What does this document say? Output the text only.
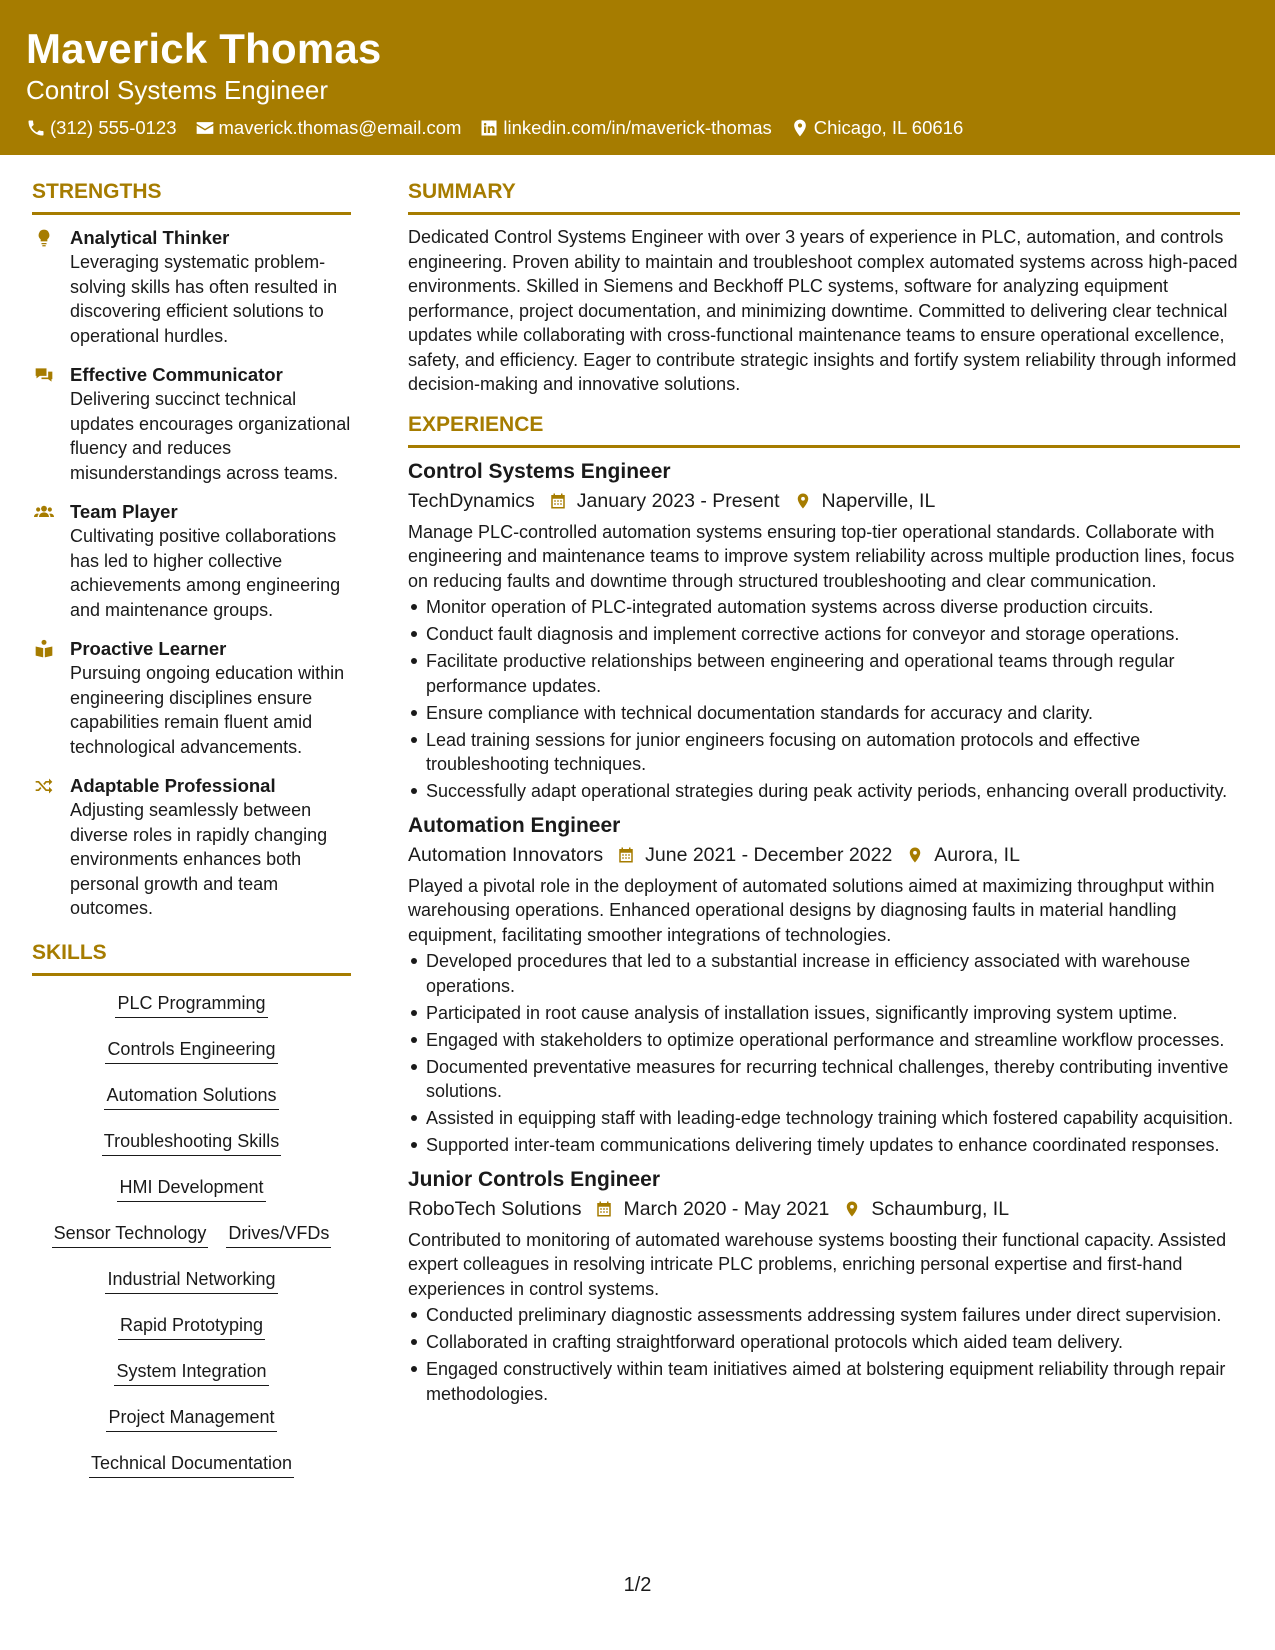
Maverick Thomas
Control Systems Engineer
(312) 555-0123 maverick.thomas@email.com linkedin.com/in/maverick-thomas Chicago, IL 60616
STRENGTHS
Analytical Thinker
Leveraging systematic problem-solving skills has often resulted in discovering efficient solutions to operational hurdles.
Effective Communicator
Delivering succinct technical updates encourages organizational fluency and reduces misunderstandings across teams.
Team Player
Cultivating positive collaborations has led to higher collective achievements among engineering and maintenance groups.
Proactive Learner
Pursuing ongoing education within engineering disciplines ensure capabilities remain fluent amid technological advancements.
Adaptable Professional
Adjusting seamlessly between diverse roles in rapidly changing environments enhances both personal growth and team outcomes.
SKILLS
PLC Programming
Controls Engineering
Automation Solutions
Troubleshooting Skills
HMI Development
Sensor Technology Drives/VFDs
Industrial Networking
Rapid Prototyping
System Integration
Project Management
Technical Documentation
SUMMARY
Dedicated Control Systems Engineer with over 3 years of experience in PLC, automation, and controls engineering. Proven ability to maintain and troubleshoot complex automated systems across high-paced environments. Skilled in Siemens and Beckhoff PLC systems, software for analyzing equipment performance, project documentation, and minimizing downtime. Committed to delivering clear technical updates while collaborating with cross-functional maintenance teams to ensure operational excellence, safety, and efficiency. Eager to contribute strategic insights and fortify system reliability through informed decision-making and innovative solutions.
EXPERIENCE
Control Systems Engineer
TechDynamics January 2023 - Present Naperville, IL
Manage PLC-controlled automation systems ensuring top-tier operational standards. Collaborate with engineering and maintenance teams to improve system reliability across multiple production lines, focus on reducing faults and downtime through structured troubleshooting and clear communication.
Monitor operation of PLC-integrated automation systems across diverse production circuits.
Conduct fault diagnosis and implement corrective actions for conveyor and storage operations.
Facilitate productive relationships between engineering and operational teams through regular performance updates.
Ensure compliance with technical documentation standards for accuracy and clarity.
Lead training sessions for junior engineers focusing on automation protocols and effective troubleshooting techniques.
Successfully adapt operational strategies during peak activity periods, enhancing overall productivity.
Automation Engineer
Automation Innovators June 2021 - December 2022 Aurora, IL
Played a pivotal role in the deployment of automated solutions aimed at maximizing throughput within warehousing operations. Enhanced operational designs by diagnosing faults in material handling equipment, facilitating smoother integrations of technologies.
Developed procedures that led to a substantial increase in efficiency associated with warehouse operations.
Participated in root cause analysis of installation issues, significantly improving system uptime.
Engaged with stakeholders to optimize operational performance and streamline workflow processes.
Documented preventative measures for recurring technical challenges, thereby contributing inventive solutions.
Assisted in equipping staff with leading-edge technology training which fostered capability acquisition.
Supported inter-team communications delivering timely updates to enhance coordinated responses.
Junior Controls Engineer
RoboTech Solutions March 2020 - May 2021 Schaumburg, IL
Contributed to monitoring of automated warehouse systems boosting their functional capacity. Assisted expert colleagues in resolving intricate PLC problems, enriching personal expertise and first-hand experiences in control systems.
Conducted preliminary diagnostic assessments addressing system failures under direct supervision.
Collaborated in crafting straightforward operational protocols which aided team delivery.
Engaged constructively within team initiatives aimed at bolstering equipment reliability through repair methodologies.
1/2
